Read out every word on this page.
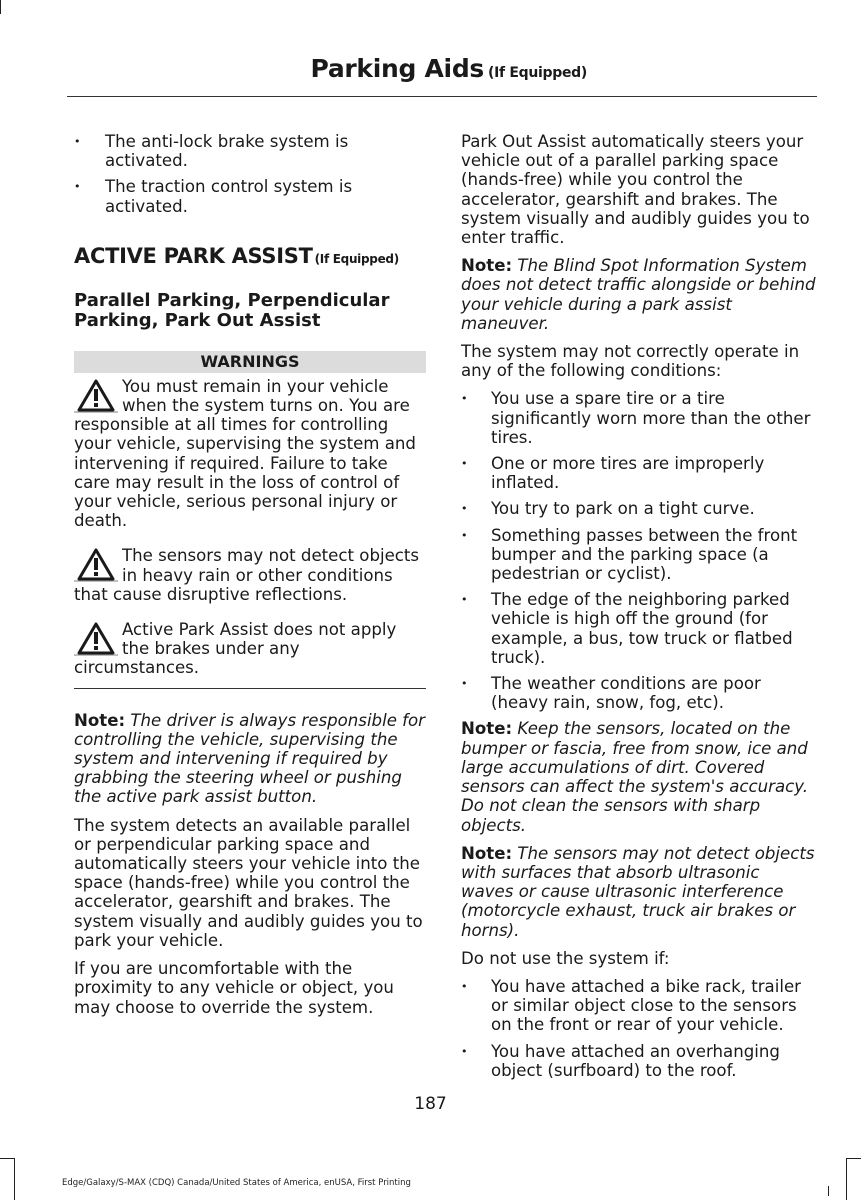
Parking Aids (If Equipped)
• The anti-lock brake system is activated.
• The traction control system is activated.
ACTIVE PARK ASSIST (If Equipped)
Parallel Parking, Perpendicular Parking, Park Out Assist
WARNINGS
You must remain in your vehicle when the system turns on. You are responsible at all times for controlling your vehicle, supervising the system and intervening if required. Failure to take care may result in the loss of control of your vehicle, serious personal injury or death.
The sensors may not detect objects in heavy rain or other conditions that cause disruptive reflections.
Active Park Assist does not apply the brakes under any circumstances.
Note: The driver is always responsible for controlling the vehicle, supervising the system and intervening if required by grabbing the steering wheel or pushing the active park assist button.
The system detects an available parallel or perpendicular parking space and automatically steers your vehicle into the space (hands-free) while you control the accelerator, gearshift and brakes. The system visually and audibly guides you to park your vehicle.
If you are uncomfortable with the proximity to any vehicle or object, you may choose to override the system.
Park Out Assist automatically steers your vehicle out of a parallel parking space (hands-free) while you control the accelerator, gearshift and brakes. The system visually and audibly guides you to enter traffic.
Note: The Blind Spot Information System does not detect traffic alongside or behind your vehicle during a park assist maneuver.
The system may not correctly operate in any of the following conditions:
• You use a spare tire or a tire significantly worn more than the other tires.
• One or more tires are improperly inflated.
• You try to park on a tight curve.
• Something passes between the front bumper and the parking space (a pedestrian or cyclist).
• The edge of the neighboring parked vehicle is high off the ground (for example, a bus, tow truck or flatbed truck).
• The weather conditions are poor (heavy rain, snow, fog, etc).
Note: Keep the sensors, located on the bumper or fascia, free from snow, ice and large accumulations of dirt. Covered sensors can affect the system's accuracy. Do not clean the sensors with sharp objects.
Note: The sensors may not detect objects with surfaces that absorb ultrasonic waves or cause ultrasonic interference (motorcycle exhaust, truck air brakes or horns).
Do not use the system if:
• You have attached a bike rack, trailer or similar object close to the sensors on the front or rear of your vehicle.
• You have attached an overhanging object (surfboard) to the roof.
187
Edge/Galaxy/S-MAX (CDQ) Canada/United States of America, enUSA, First Printing
